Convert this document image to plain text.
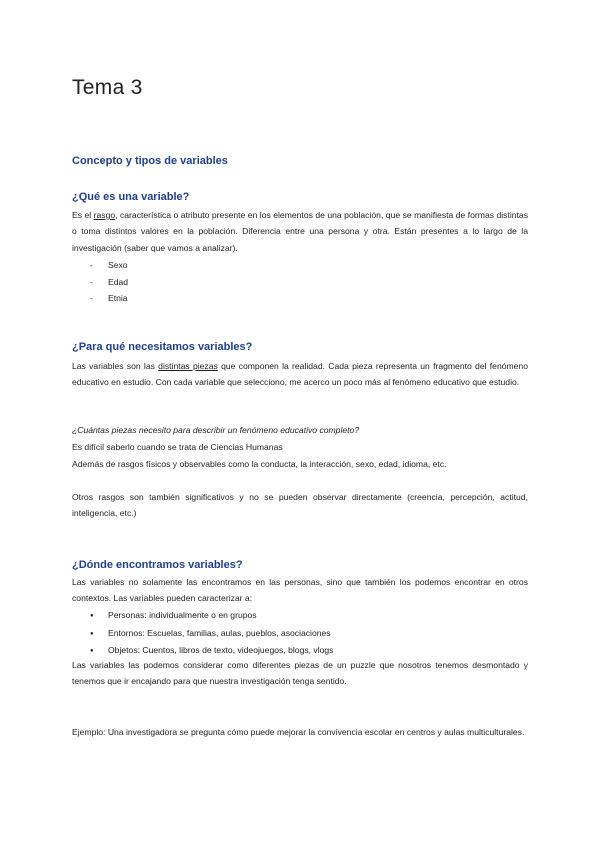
Tema 3
Concepto y tipos de variables
¿Qué es una variable?

Es el rasgo, característica o atributo presente en los elementos de una población, que se manifiesta de formas distintas o toma distintos valores en la población. Diferencia entre una persona y otra. Están presentes a lo largo de la investigación (saber que vamos a analizar).

- Sexo
- Edad
- Etnia
¿Para qué necesitamos variables?

Las variables son las distintas piezas que componen la realidad. Cada pieza representa un fragmento del fenómeno educativo en estudio. Con cada variable que selecciono, me acerco un poco más al fenómeno educativo que estudio.

¿Cuántas piezas necesito para describir un fenómeno educativo completo?

Es difícil saberlo cuando se trata de Ciencias Humanas

Además de rasgos físicos y observables como la conducta, la interacción, sexo, edad, idioma, etc.

Otros rasgos son también significativos y no se pueden observar directamente (creencia, percepción, actitud, inteligencia, etc.)

¿Dónde encontramos variables?

Las variables no solamente las encontramos en las personas, sino que también los podemos encontrar en otros contextos. Las variables pueden caracterizar a:

● Personas: individualmente o en grupos
● Entornos: Escuelas, familias, aulas, pueblos, asociaciones
● Objetos: Cuentos, libros de texto, videojuegos, blogs, vlogs

Las variables las podemos considerar como diferentes piezas de un puzzle que nosotros tenemos desmontado y tenemos que ir encajando para que nuestra investigación tenga sentido.

Ejemplo: Una investigadora se pregunta cómo puede mejorar la convivencia escolar en centros y aulas multiculturales.
